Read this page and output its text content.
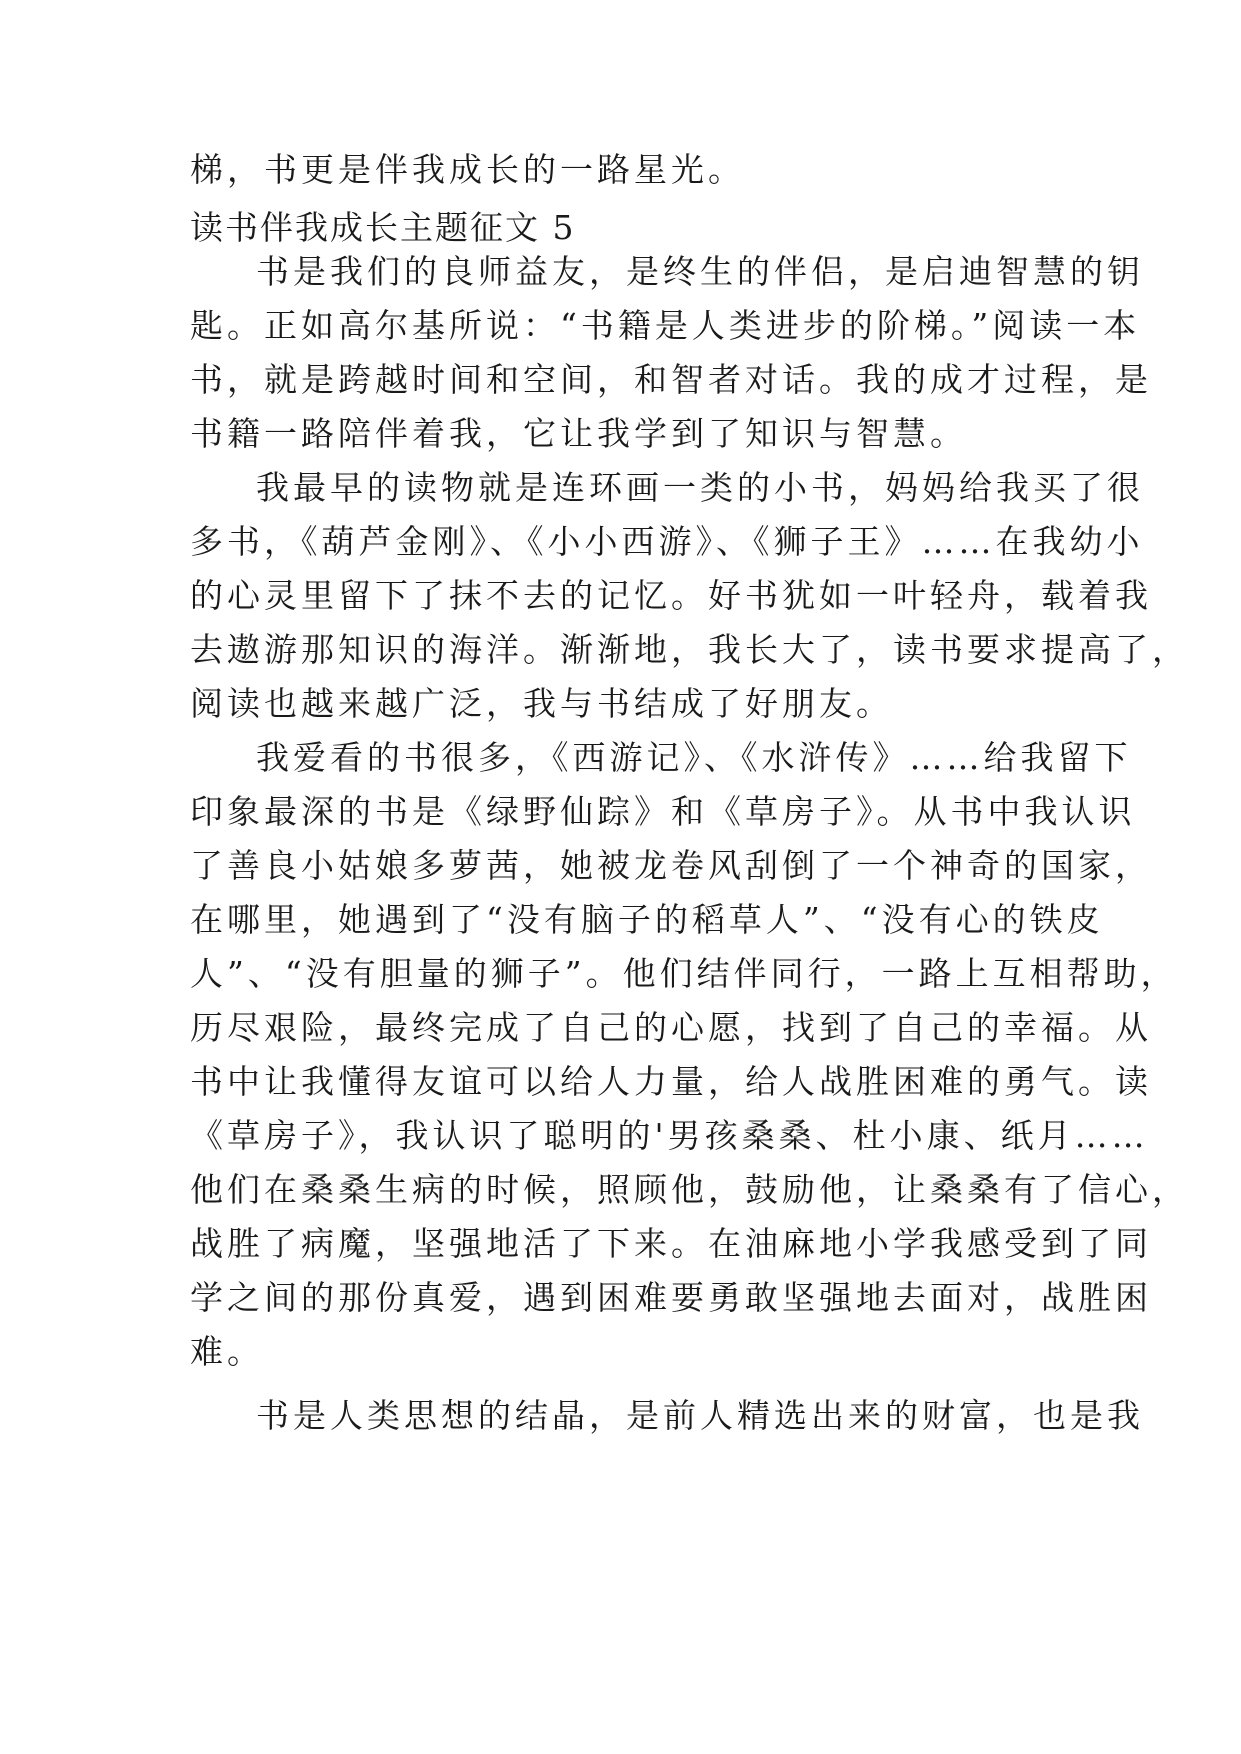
梯，书更是伴我成长的一路星光。
读书伴我成长主题征文 5
书是我们的良师益友，是终生的伴侣，是启迪智慧的钥
匙。正如高尔基所说：“书籍是人类进步的阶梯。”阅读一本
书，就是跨越时间和空间，和智者对话。我的成才过程，是
书籍一路陪伴着我，它让我学到了知识与智慧。
我最早的读物就是连环画一类的小书，妈妈给我买了很
多书，《葫芦金刚》、《小小西游》、《狮子王》……在我幼小
的心灵里留下了抹不去的记忆。好书犹如一叶轻舟，载着我
去遨游那知识的海洋。渐渐地，我长大了，读书要求提高了，
阅读也越来越广泛，我与书结成了好朋友。
我爱看的书很多，《西游记》、《水浒传》……给我留下
印象最深的书是《绿野仙踪》和《草房子》。从书中我认识
了善良小姑娘多萝茜，她被龙卷风刮倒了一个神奇的国家，
在哪里，她遇到了“没有脑子的稻草人”、“没有心的铁皮
人”、“没有胆量的狮子”。他们结伴同行，一路上互相帮助，
历尽艰险，最终完成了自己的心愿，找到了自己的幸福。从
书中让我懂得友谊可以给人力量，给人战胜困难的勇气。读
《草房子》，我认识了聪明的'男孩桑桑、杜小康、纸月……
他们在桑桑生病的时候，照顾他，鼓励他，让桑桑有了信心，
战胜了病魔，坚强地活了下来。在油麻地小学我感受到了同
学之间的那份真爱，遇到困难要勇敢坚强地去面对，战胜困
难。
书是人类思想的结晶，是前人精选出来的财富，也是我
